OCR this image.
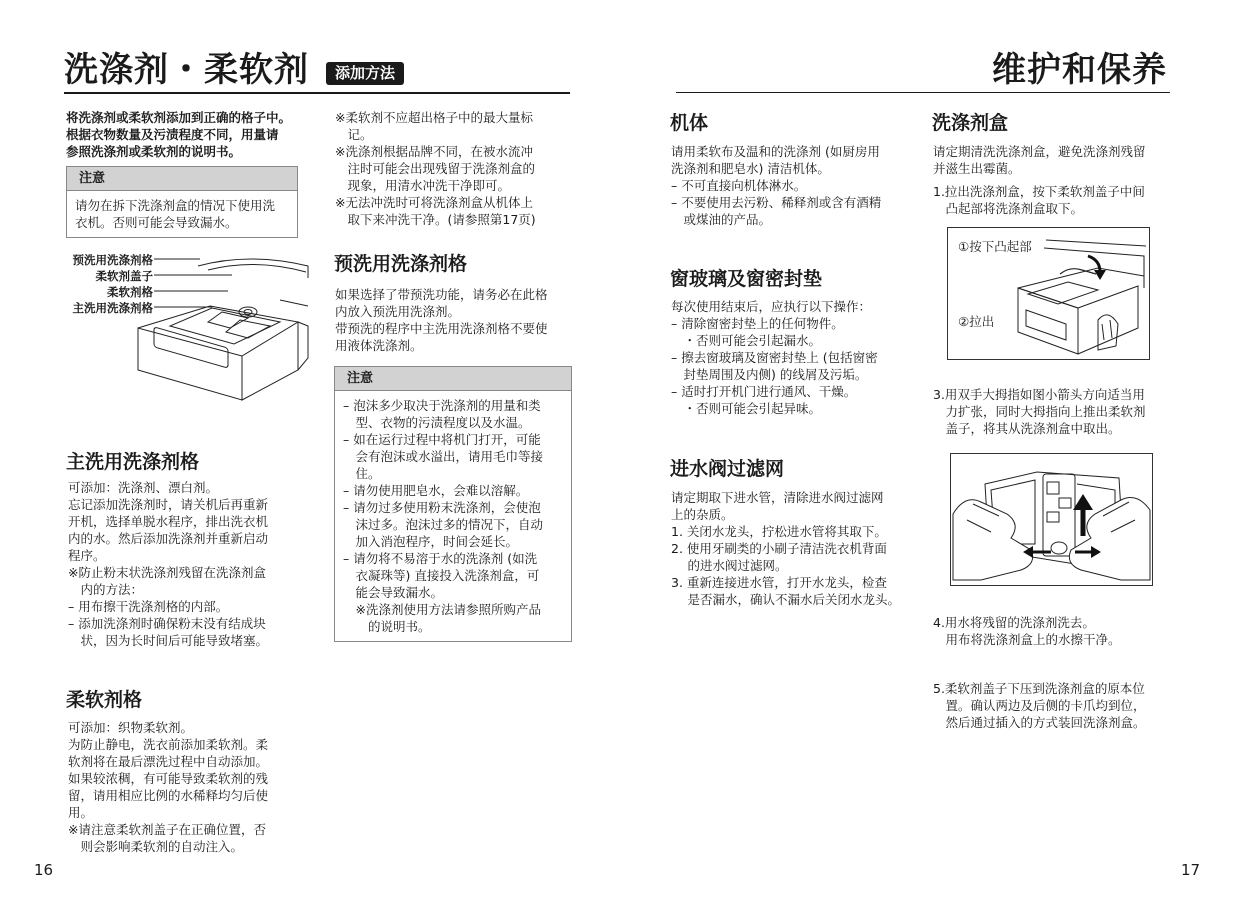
洗涤剂・柔软剂	添加方法
将洗涤剂或柔软剂添加到正确的格子中。
根据衣物数量及污渍程度不同，用量请
参照洗涤剂或柔软剂的说明书。
注意
请勿在拆下洗涤剂盒的情况下使用洗
衣机。否则可能会导致漏水。
预洗用洗涤剂格
柔软剂盖子
柔软剂格
主洗用洗涤剂格
主洗用洗涤剂格
可添加：洗涤剂、漂白剂。
忘记添加洗涤剂时，请关机后再重新
开机，选择单脱水程序，排出洗衣机
内的水。然后添加洗涤剂并重新启动
程序。
※防止粉末状洗涤剂残留在洗涤剂盒
　内的方法：
– 用布擦干洗涤剂格的内部。
– 添加洗涤剂时确保粉末没有结成块
　状，因为长时间后可能导致堵塞。
柔软剂格
可添加：织物柔软剂。
为防止静电，洗衣前添加柔软剂。柔
软剂将在最后漂洗过程中自动添加。
如果较浓稠，有可能导致柔软剂的残
留，请用相应比例的水稀释均匀后使
用。
※请注意柔软剂盖子在正确位置，否
　则会影响柔软剂的自动注入。
※柔软剂不应超出格子中的最大量标
　记。
※洗涤剂根据品牌不同，在被水流冲
　注时可能会出现残留于洗涤剂盒的
　现象，用清水冲洗干净即可。
※无法冲洗时可将洗涤剂盒从机体上
　取下来冲洗干净。(请参照第17页)
预洗用洗涤剂格
如果选择了带预洗功能，请务必在此格
内放入预洗用洗涤剂。
带预洗的程序中主洗用洗涤剂格不要使
用液体洗涤剂。
注意
– 泡沫多少取决于洗涤剂的用量和类
　型、衣物的污渍程度以及水温。
– 如在运行过程中将机门打开，可能
　会有泡沫或水溢出，请用毛巾等接
　住。
– 请勿使用肥皂水，会难以溶解。
– 请勿过多使用粉末洗涤剂，会使泡
　沫过多。泡沫过多的情况下，自动
　加入消泡程序，时间会延长。
– 请勿将不易溶于水的洗涤剂 (如洗
　衣凝珠等) 直接投入洗涤剂盒，可
　能会导致漏水。
　※洗涤剂使用方法请参照所购产品
　　的说明书。
16
维护和保养
机体
请用柔软布及温和的洗涤剂 (如厨房用
洗涤剂和肥皂水) 清洁机体。
– 不可直接向机体淋水。
– 不要使用去污粉、稀释剂或含有酒精
　或煤油的产品。
窗玻璃及窗密封垫
每次使用结束后，应执行以下操作：
– 清除窗密封垫上的任何物件。
　・否则可能会引起漏水。
– 擦去窗玻璃及窗密封垫上 (包括窗密
　封垫周围及内侧) 的线屑及污垢。
– 适时打开机门进行通风、干燥。
　・否则可能会引起异味。
进水阀过滤网
请定期取下进水管，清除进水阀过滤网
上的杂质。
1. 关闭水龙头，拧松进水管将其取下。
2. 使用牙刷类的小刷子清洁洗衣机背面
　 的进水阀过滤网。
3. 重新连接进水管，打开水龙头，检查
　 是否漏水，确认不漏水后关闭水龙头。
洗涤剂盒
请定期清洗洗涤剂盒，避免洗涤剂残留
并滋生出霉菌。
1.拉出洗涤剂盒，按下柔软剂盖子中间
　凸起部将洗涤剂盒取下。
①按下凸起部
②拉出
3.用双手大拇指如图小箭头方向适当用
　力扩张，同时大拇指向上推出柔软剂
　盖子，将其从洗涤剂盒中取出。
4.用水将残留的洗涤剂洗去。
　用布将洗涤剂盒上的水擦干净。
5.柔软剂盖子下压到洗涤剂盒的原本位
　置。确认两边及后侧的卡爪均到位，
　然后通过插入的方式装回洗涤剂盒。
17
